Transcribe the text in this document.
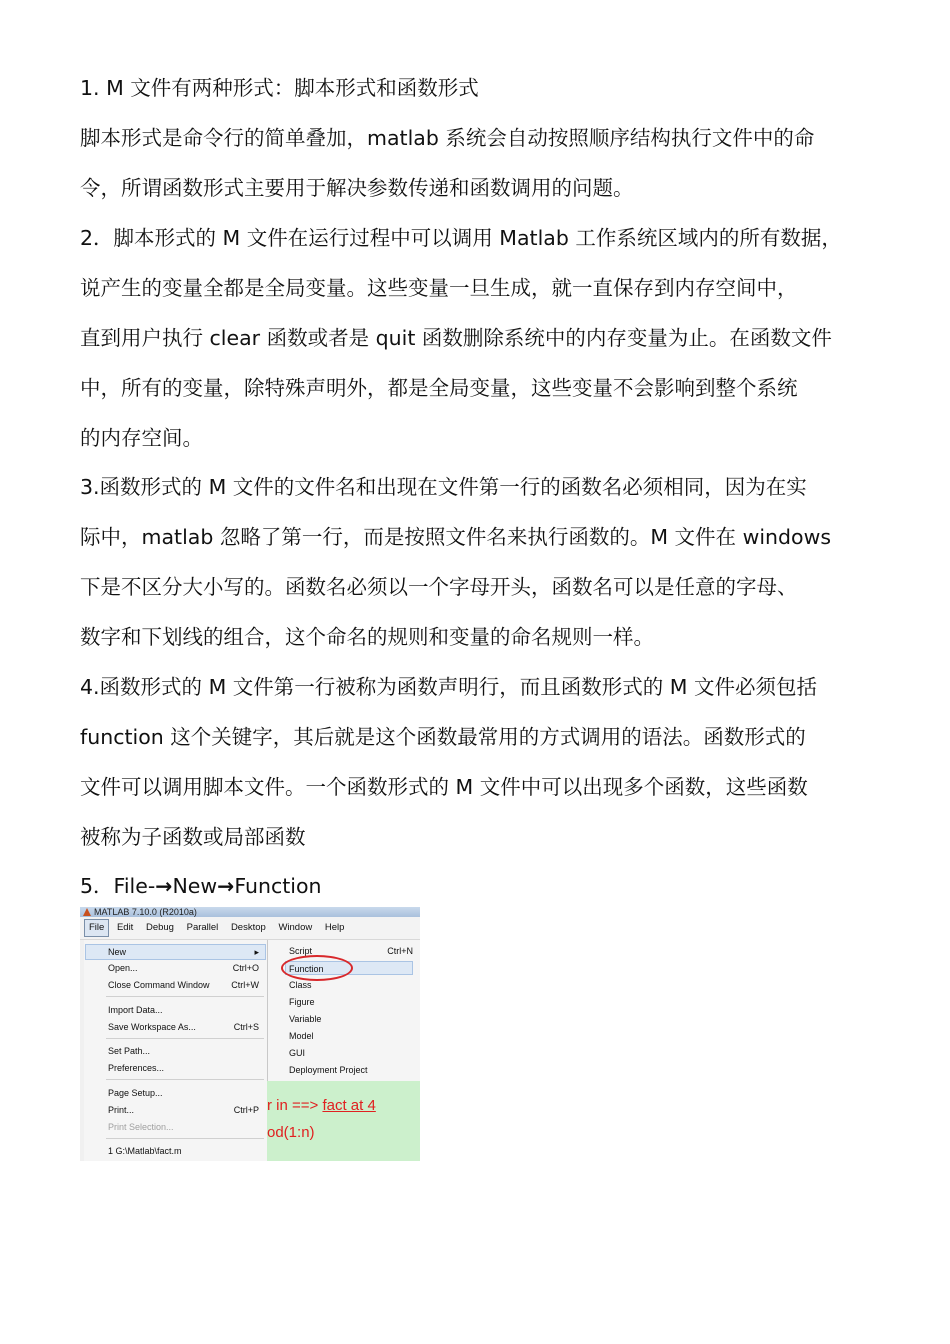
1. M 文件有两种形式：脚本形式和函数形式
脚本形式是命令行的简单叠加，matlab 系统会自动按照顺序结构执行文件中的命
令，所谓函数形式主要用于解决参数传递和函数调用的问题。
2．脚本形式的 M 文件在运行过程中可以调用 Matlab 工作系统区域内的所有数据，
说产生的变量全都是全局变量。这些变量一旦生成，就一直保存到内存空间中，
直到用户执行 clear 函数或者是 quit 函数删除系统中的内存变量为止。在函数文件
中，所有的变量，除特殊声明外，都是全局变量，这些变量不会影响到整个系统
的内存空间。
3.函数形式的 M 文件的文件名和出现在文件第一行的函数名必须相同，因为在实
际中，matlab 忽略了第一行，而是按照文件名来执行函数的。M 文件在 windows
下是不区分大小写的。函数名必须以一个字母开头，函数名可以是任意的字母、
数字和下划线的组合，这个命名的规则和变量的命名规则一样。
4.函数形式的 M 文件第一行被称为函数声明行，而且函数形式的 M 文件必须包括
function 这个关键字，其后就是这个函数最常用的方式调用的语法。函数形式的
文件可以调用脚本文件。一个函数形式的 M 文件中可以出现多个函数，这些函数
被称为子函数或局部函数
5．File-→New→Function
MATLAB 7.10.0 (R2010a)
File Edit Debug Parallel Desktop Window Help
New	▸
Open...	Ctrl+O
Close Command Window Ctrl+W
Import Data...
Save Workspace As...	Ctrl+S
Set Path...
Preferences...
Page Setup...
Print...	Ctrl+P
Print Selection...
1 G:\Matlab\fact.m
Script	Ctrl+N
Function
Class
Figure
Variable
Model
GUI
Deployment Project
r in ==> fact at 4
od(1:n)
